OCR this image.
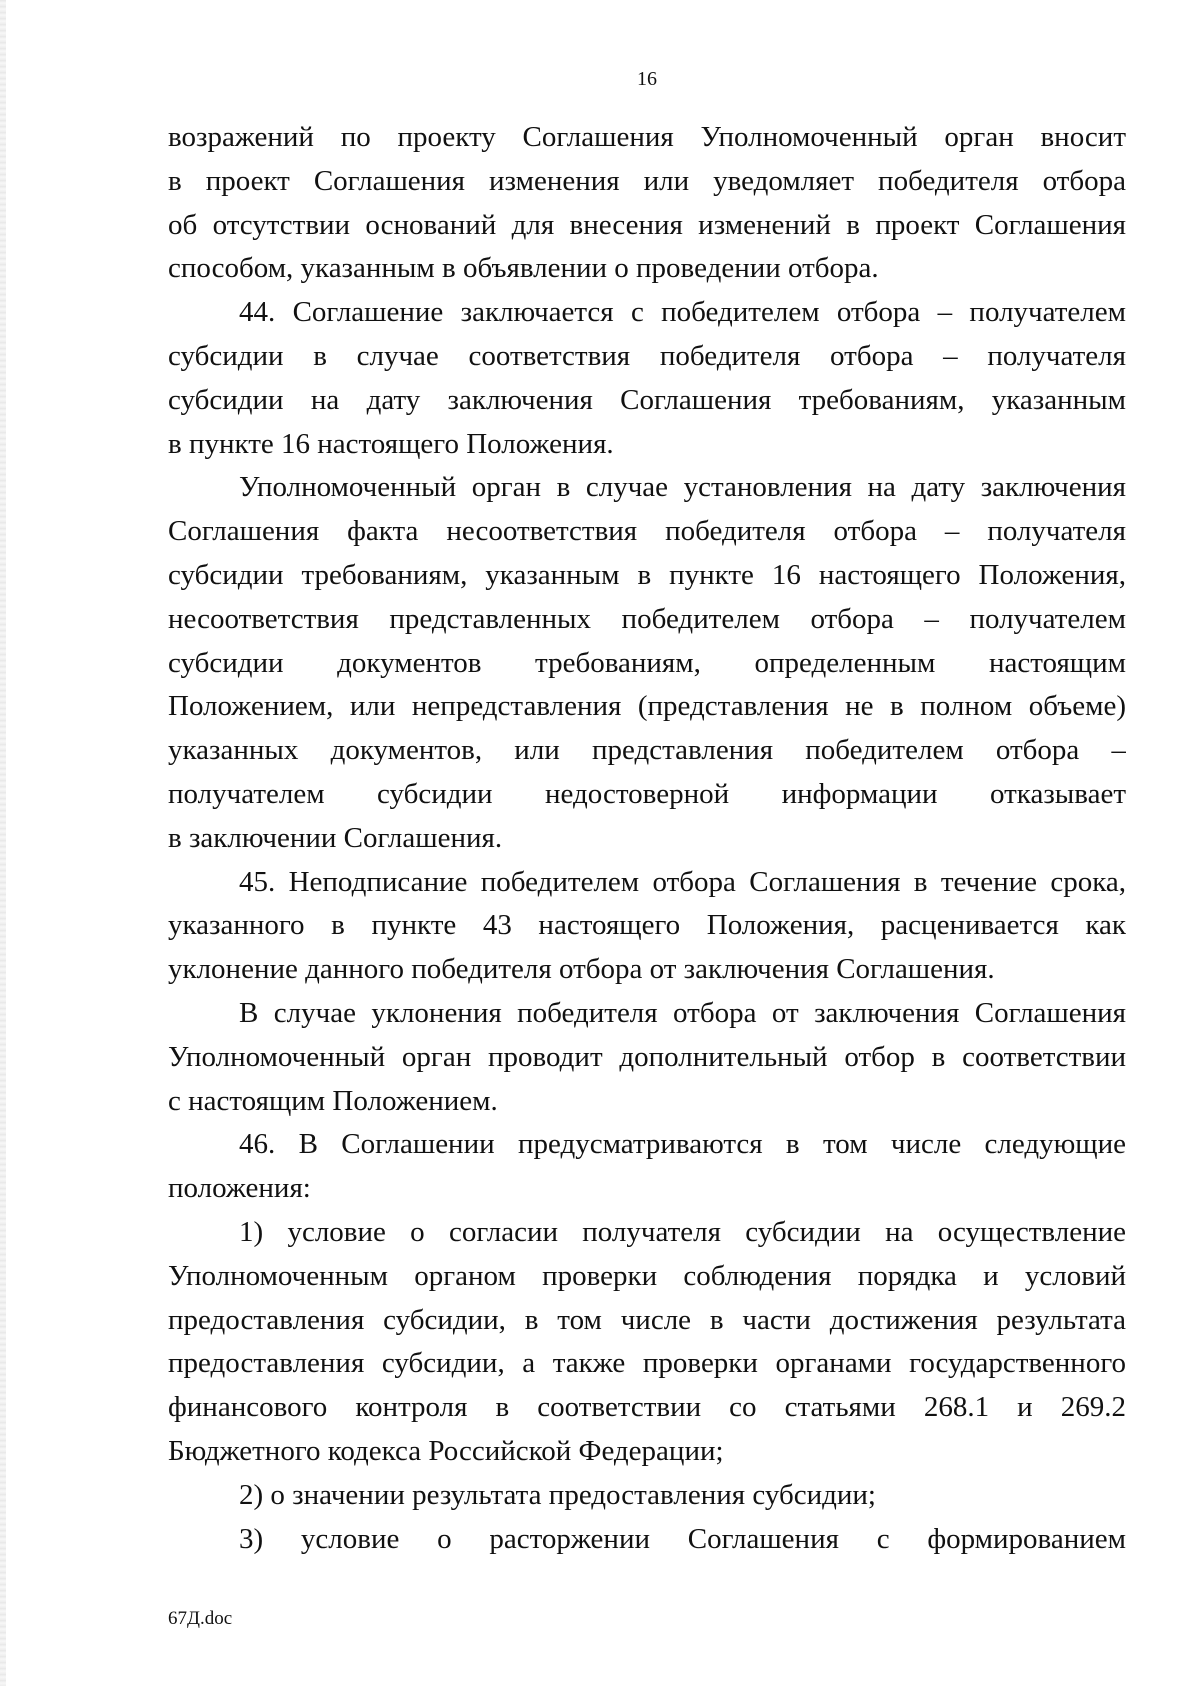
16
возражений по проекту Соглашения Уполномоченный орган вносит
в проект Соглашения изменения или уведомляет победителя отбора
об отсутствии оснований для внесения изменений в проект Соглашения
способом, указанным в объявлении о проведении отбора.
44. Соглашение заключается с победителем отбора – получателем
субсидии в случае соответствия победителя отбора – получателя
субсидии на дату заключения Соглашения требованиям, указанным
в пункте 16 настоящего Положения.
Уполномоченный орган в случае установления на дату заключения
Соглашения факта несоответствия победителя отбора – получателя
субсидии требованиям, указанным в пункте 16 настоящего Положения,
несоответствия представленных победителем отбора – получателем
субсидии документов требованиям, определенным настоящим
Положением, или непредставления (представления не в полном объеме)
указанных документов, или представления победителем отбора –
получателем субсидии недостоверной информации отказывает
в заключении Соглашения.
45. Неподписание победителем отбора Соглашения в течение срока,
указанного в пункте 43 настоящего Положения, расценивается как
уклонение данного победителя отбора от заключения Соглашения.
В случае уклонения победителя отбора от заключения Соглашения
Уполномоченный орган проводит дополнительный отбор в соответствии
с настоящим Положением.
46. В Соглашении предусматриваются в том числе следующие
положения:
1) условие о согласии получателя субсидии на осуществление
Уполномоченным органом проверки соблюдения порядка и условий
предоставления субсидии, в том числе в части достижения результата
предоставления субсидии, а также проверки органами государственного
финансового контроля в соответствии со статьями 268.1 и 269.2
Бюджетного кодекса Российской Федерации;
2) о значении результата предоставления субсидии;
3) условие о расторжении Соглашения с формированием
67Д.doc
